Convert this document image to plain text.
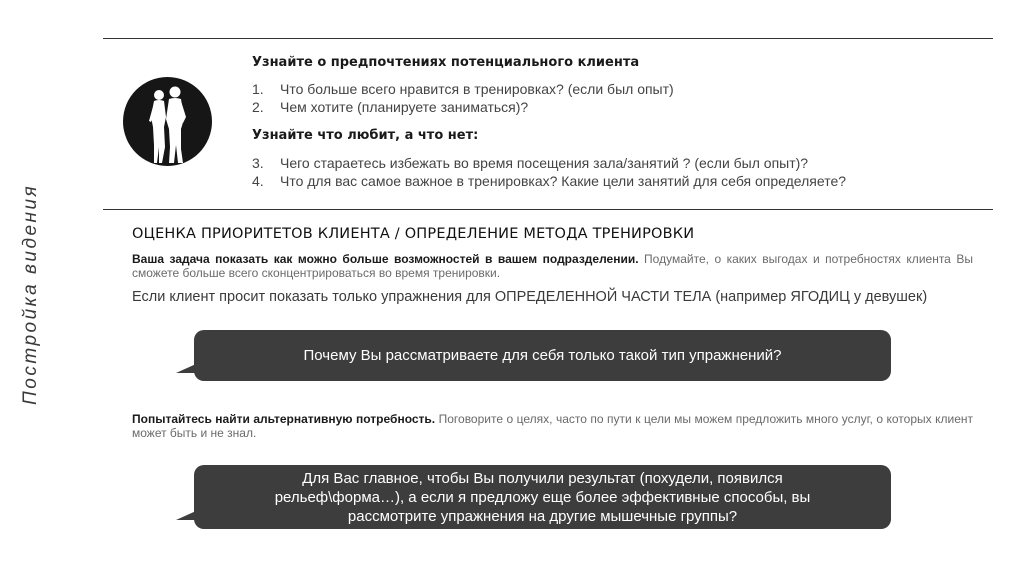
Постройка видения
Узнайте о предпочтениях потенциального клиента
1.	Что больше всего нравится в тренировках? (если был опыт)
2.	Чем хотите (планируете заниматься)?
Узнайте что любит, а что нет:
3.	Чего стараетесь избежать во время посещения зала/занятий ? (если был опыт)?
4.	Что для вас самое важное в тренировках? Какие цели занятий для себя определяете?
ОЦЕНКА ПРИОРИТЕТОВ КЛИЕНТА / ОПРЕДЕЛЕНИЕ МЕТОДА ТРЕНИРОВКИ
Ваша задача показать как можно больше возможностей в вашем подразделении. Подумайте, о каких выгодах и потребностях клиента Вы сможете больше всего сконцентрироваться во время тренировки.
Если клиент просит показать только упражнения для ОПРЕДЕЛЕННОЙ ЧАСТИ ТЕЛА (например ЯГОДИЦ у девушек)
Почему Вы рассматриваете для себя только такой тип упражнений?
Попытайтесь найти альтернативную потребность. Поговорите о целях, часто по пути к цели мы можем предложить много услуг, о которых клиент может быть и не знал.
Для Вас главное, чтобы Вы получили результат (похудели, появился рельеф\форма…), а если я предложу еще более эффективные способы, вы рассмотрите упражнения на другие мышечные группы?
